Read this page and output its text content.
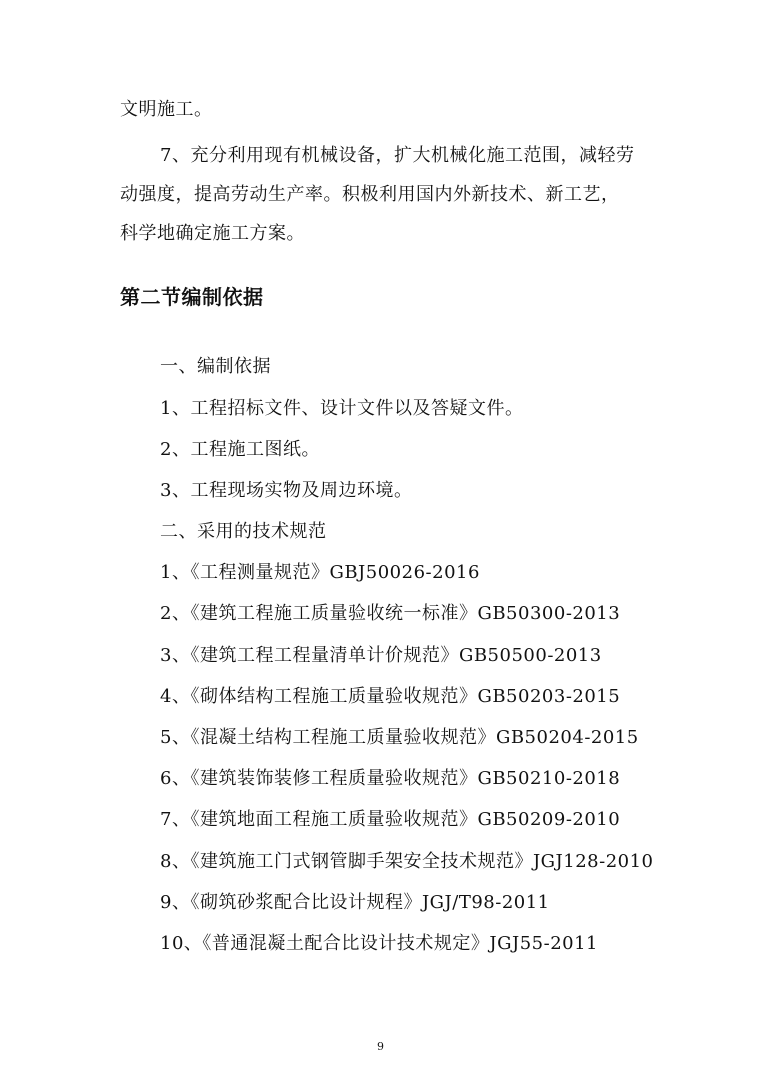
文明施工。
7、充分利用现有机械设备，扩大机械化施工范围，减轻劳
动强度，提高劳动生产率。积极利用国内外新技术、新工艺，
科学地确定施工方案。
第二节编制依据
一、编制依据
1、工程招标文件、设计文件以及答疑文件。
2、工程施工图纸。
3、工程现场实物及周边环境。
二、采用的技术规范
1、《工程测量规范》GBJ50026-2016
2、《建筑工程施工质量验收统一标准》GB50300-2013
3、《建筑工程工程量清单计价规范》GB50500-2013
4、《砌体结构工程施工质量验收规范》GB50203-2015
5、《混凝土结构工程施工质量验收规范》GB50204-2015
6、《建筑装饰装修工程质量验收规范》GB50210-2018
7、《建筑地面工程施工质量验收规范》GB50209-2010
8、《建筑施工门式钢管脚手架安全技术规范》JGJ128-2010
9、《砌筑砂浆配合比设计规程》JGJ/T98-2011
10、《普通混凝土配合比设计技术规定》JGJ55-2011
9
